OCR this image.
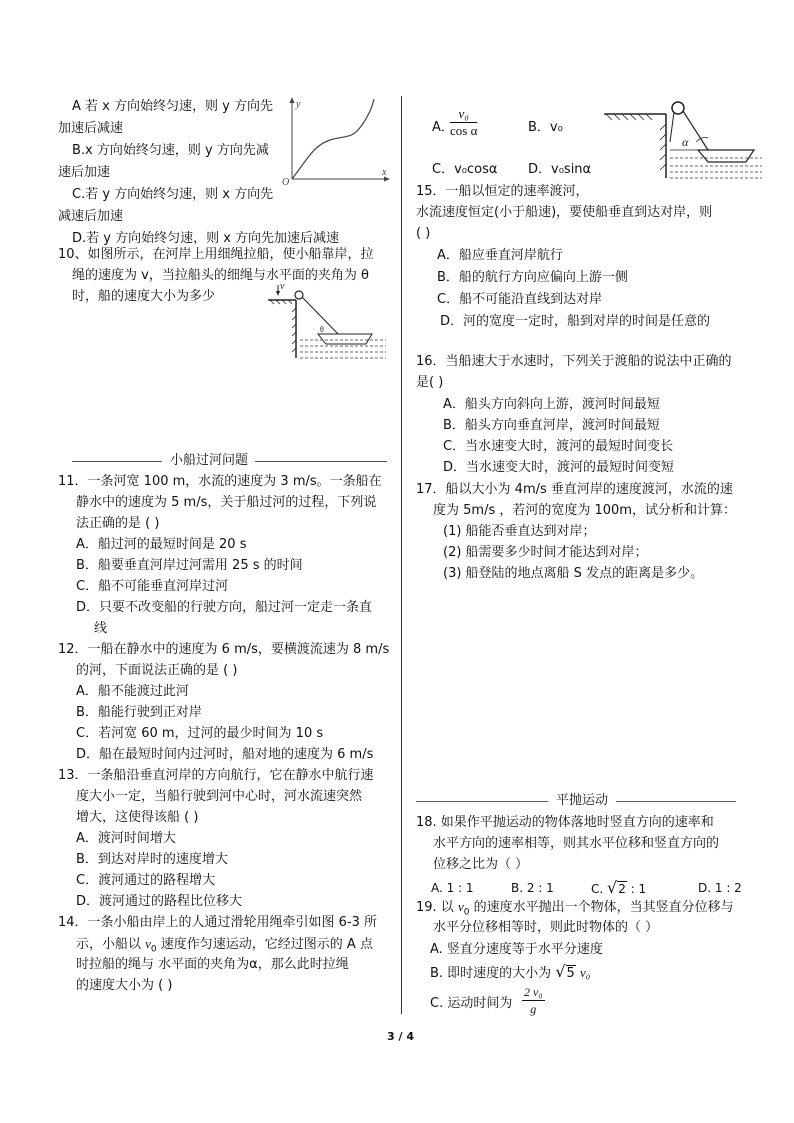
A 若 x 方向始终匀速，则 y 方向先
加速后减速
B.x 方向始终匀速，则 y 方向先减
速后加速
C.若 y 方向始终匀速，则 x 方向先
减速后加速
D.若 y 方向始终匀速，则 x 方向先加速后减速
y
x
O
10、如图所示，在河岸上用细绳拉船，使小船靠岸，拉
绳的速度为 v，当拉船头的细绳与水平面的夹角为 θ
时，船的速度大小为多少
v
θ
小船过河问题
11．一条河宽 100 m，水流的速度为 3 m/s。一条船在
静水中的速度为 5 m/s，关于船过河的过程，下列说
法正确的是 ( )
A．船过河的最短时间是 20 s
B．船要垂直河岸过河需用 25 s 的时间
C．船不可能垂直河岸过河
D．只要不改变船的行驶方向，船过河一定走一条直
线
12．一船在静水中的速度为 6 m/s，要横渡流速为 8 m/s
的河，下面说法正确的是 ( )
A．船不能渡过此河
B．船能行驶到正对岸
C．若河宽 60 m，过河的最少时间为 10 s
D．船在最短时间内过河时，船对地的速度为 6 m/s
13．一条船沿垂直河岸的方向航行，它在静水中航行速
度大小一定，当船行驶到河中心时，河水流速突然
增大，这使得该船 ( )
A．渡河时间增大
B．到达对岸时的速度增大
C．渡河通过的路程增大
D．渡河通过的路程比位移大
14．一条小船由岸上的人通过滑轮用绳牵引如图 6-3 所
示，小船以 $v_0$ 速度作匀速运动，它经过图示的 A 点
时拉船的绳与 水平面的夹角为α，那么此时拉绳
的速度大小为 ( )
A．
$\frac{\text{v₀}}{\text{cos α}}$	B．v₀
C．v₀cosα D．v₀sinα
α
15．一船以恒定的速率渡河，
水流速度恒定(小于船速)，要使船垂直到达对岸，则
( )
A．船应垂直河岸航行
B．船的航行方向应偏向上游一侧
C．船不可能沿直线到达对岸
D．河的宽度一定时，船到对岸的时间是任意的
16．当船速大于水速时，下列关于渡船的说法中正确的
是( )
A．船头方向斜向上游，渡河时间最短
B．船头方向垂直河岸，渡河时间最短
C．当水速变大时，渡河的最短时间变长
D．当水速变大时，渡河的最短时间变短
17．船以大小为 4m/s 垂直河岸的速度渡河，水流的速
度为 5m/s ，若河的宽度为 100m，试分析和计算：
(1) 船能否垂直达到对岸；
(2) 船需要多少时间才能达到对岸；
(3) 船登陆的地点离船 S 发点的距离是多少。
平抛运动
18. 如果作平抛运动的物体落地时竖直方向的速率和
水平方向的速率相等，则其水平位移和竖直方向的
位移之比为（ ）
A. 1 : 1	B. 2 : 1	C. √2 : 1	D. 1 : 2
19. 以 $v_0$ 的速度水平抛出一个物体，当其竖直分位移与
水平分位移相等时，则此时物体的（ ）
A. 竖直分速度等于水平分速度
B. 即时速度的大小为 √5 v₀
C. 运动时间为 $\frac{\text{2 v₀}}{g}$
3 / 4
